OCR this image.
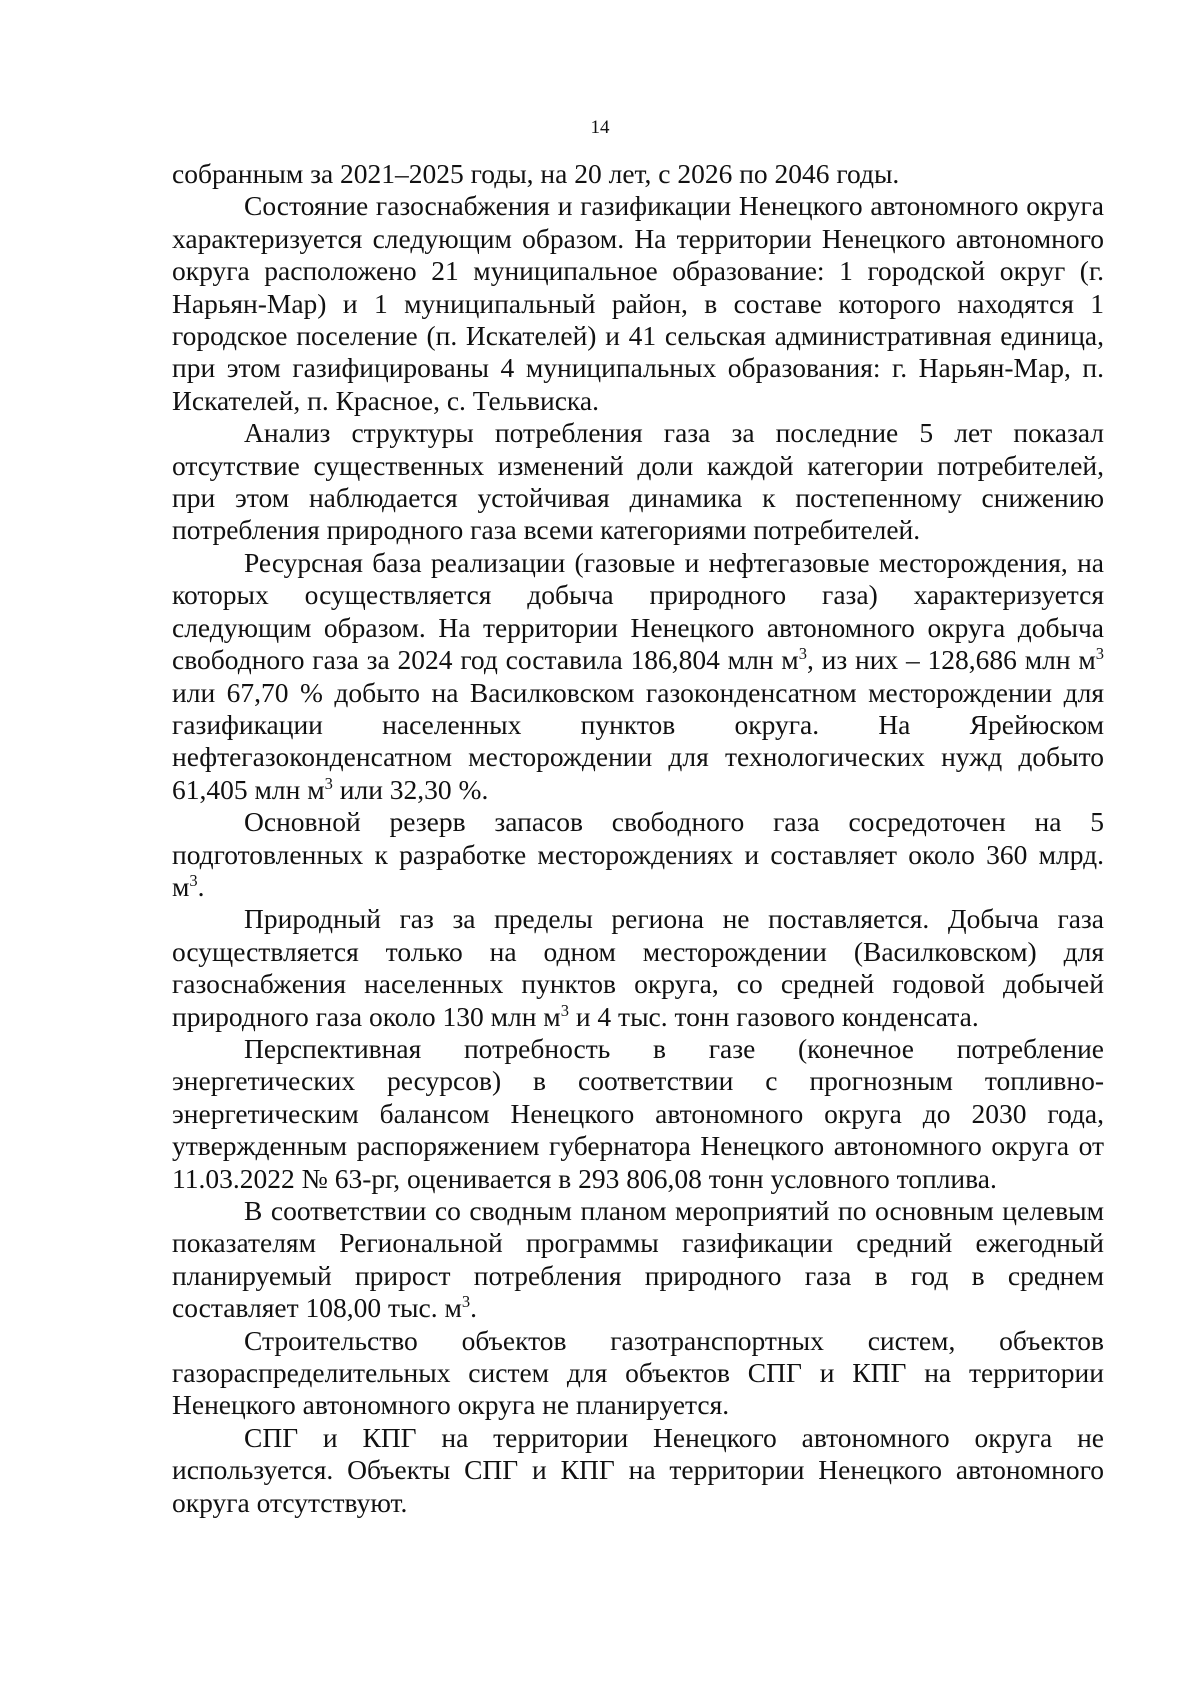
14

собранным за 2021–2025 годы, на 20 лет, с 2026 по 2046 годы.

Состояние газоснабжения и газификации Ненецкого автономного округа характеризуется следующим образом. На территории Ненецкого автономного округа расположено 21 муниципальное образование: 1 городской округ (г. Нарьян-Мар) и 1 муниципальный район, в составе которого находятся 1 городское поселение (п. Искателей) и 41 сельская административная единица, при этом газифицированы 4 муниципальных образования: г. Нарьян-Мар, п. Искателей, п. Красное, с. Тельвиска.

Анализ структуры потребления газа за последние 5 лет показал отсутствие существенных изменений доли каждой категории потребителей, при этом наблюдается устойчивая динамика к постепенному снижению потребления природного газа всеми категориями потребителей.

Ресурсная база реализации (газовые и нефтегазовые месторождения, на которых осуществляется добыча природного газа) характеризуется следующим образом. На территории Ненецкого автономного округа добыча свободного газа за 2024 год составила 186,804 млн $м^3$, из них – 128,686 млн $м^3$ или 67,70 % добыто на Василковском газоконденсатном месторождении для газификации населенных пунктов округа. На Ярейюском нефтегазоконденсатном месторождении для технологических нужд добыто 61,405 млн $м^3$ или 32,30 %.

Основной резерв запасов свободного газа сосредоточен на 5 подготовленных к разработке месторождениях и составляет около 360 млрд. $м^3$.

Природный газ за пределы региона не поставляется. Добыча газа осуществляется только на одном месторождении (Василковском) для газоснабжения населенных пунктов округа, со средней годовой добычей природного газа около 130 млн $м^3$ и 4 тыс. тонн газового конденсата.

Перспективная потребность в газе (конечное потребление энергетических ресурсов) в соответствии с прогнозным топливно-энергетическим балансом Ненецкого автономного округа до 2030 года, утвержденным распоряжением губернатора Ненецкого автономного округа от 11.03.2022 № 63-рг, оценивается в 293 806,08 тонн условного топлива.

В соответствии со сводным планом мероприятий по основным целевым показателям Региональной программы газификации средний ежегодный планируемый прирост потребления природного газа в год в среднем составляет 108,00 тыс. $м^3$.

Строительство объектов газотранспортных систем, объектов газораспределительных систем для объектов СПГ и КПГ на территории Ненецкого автономного округа не планируется.

СПГ и КПГ на территории Ненецкого автономного округа не используется. Объекты СПГ и КПГ на территории Ненецкого автономного округа отсутствуют.
